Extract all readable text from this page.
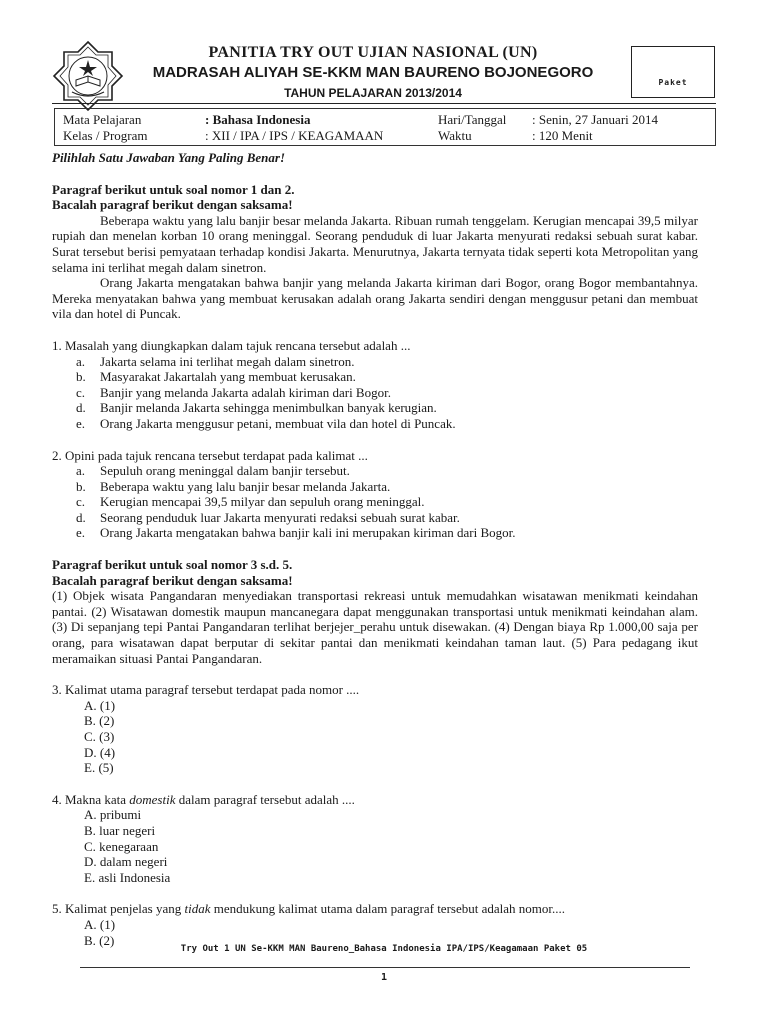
PANITIA TRY OUT UJIAN NASIONAL (UN)
MADRASAH ALIYAH SE-KKM MAN BAURENO BOJONEGORO
TAHUN PELAJARAN 2013/2014
Paket
Mata Pelajaran	: Bahasa Indonesia	Hari/Tanggal : Senin, 27 Januari 2014
Kelas / Program	: XII / IPA / IPS / KEAGAMAAN	Waktu	: 120 Menit

Pilihlah Satu Jawaban Yang Paling Benar!

Paragraf berikut untuk soal nomor 1 dan 2.

Bacalah paragraf berikut dengan saksama!

Beberapa waktu yang lalu banjir besar melanda Jakarta. Ribuan rumah tenggelam. Kerugian mencapai 39,5 milyar rupiah dan menelan korban 10 orang meninggal. Seorang penduduk di luar Jakarta menyurati redaksi sebuah surat kabar. Surat tersebut berisi pemyataan terhadap kondisi Jakarta. Menurutnya, Jakarta ternyata tidak seperti kota Metropolitan yang selama ini terlihat megah dalam sinetron.

Orang Jakarta mengatakan bahwa banjir yang melanda Jakarta kiriman dari Bogor, orang Bogor membantahnya. Mereka menyatakan bahwa yang membuat kerusakan adalah orang Jakarta sendiri dengan menggusur petani dan membuat vila dan hotel di Puncak.

1. Masalah yang diungkapkan dalam tajuk rencana tersebut adalah ...

a. Jakarta selama ini terlihat megah dalam sinetron.
b. Masyarakat Jakartalah yang membuat kerusakan.
c. Banjir yang melanda Jakarta adalah kiriman dari Bogor.
d. Banjir melanda Jakarta sehingga menimbulkan banyak kerugian.
e. Orang Jakarta menggusur petani, membuat vila dan hotel di Puncak.

2. Opini pada tajuk rencana tersebut terdapat pada kalimat ...

a. Sepuluh orang meninggal dalam banjir tersebut.
b. Beberapa waktu yang lalu banjir besar melanda Jakarta.
c. Kerugian mencapai 39,5 milyar dan sepuluh orang meninggal.
d. Seorang penduduk luar Jakarta menyurati redaksi sebuah surat kabar.
e. Orang Jakarta mengatakan bahwa banjir kali ini merupakan kiriman dari Bogor.

Paragraf berikut untuk soal nomor 3 s.d. 5.

Bacalah paragraf berikut dengan saksama!

(1) Objek wisata Pangandaran menyediakan transportasi rekreasi untuk memudahkan wisatawan menikmati keindahan pantai. (2) Wisatawan domestik maupun mancanegara dapat menggunakan transportasi untuk menikmati keindahan alam. (3) Di sepanjang tepi Pantai Pangandaran terlihat berjejer_perahu untuk disewakan. (4) Dengan biaya Rp 1.000,00 saja per orang, para wisatawan dapat berputar di sekitar pantai dan menikmati keindahan taman laut. (5) Para pedagang ikut meramaikan situasi Pantai Pangandaran.

3. Kalimat utama paragraf tersebut terdapat pada nomor ....

A. (1)
B. (2)
C. (3)
D. (4)
E. (5)

4. Makna kata domestik dalam paragraf tersebut adalah ....

A. pribumi
B. luar negeri
C. kenegaraan
D. dalam negeri
E. asli Indonesia

5. Kalimat penjelas yang tidak mendukung kalimat utama dalam paragraf tersebut adalah nomor....

A. (1)
B. (2)
Try Out 1 UN Se-KKM MAN Baureno_Bahasa Indonesia IPA/IPS/Keagamaan Paket 05
1
